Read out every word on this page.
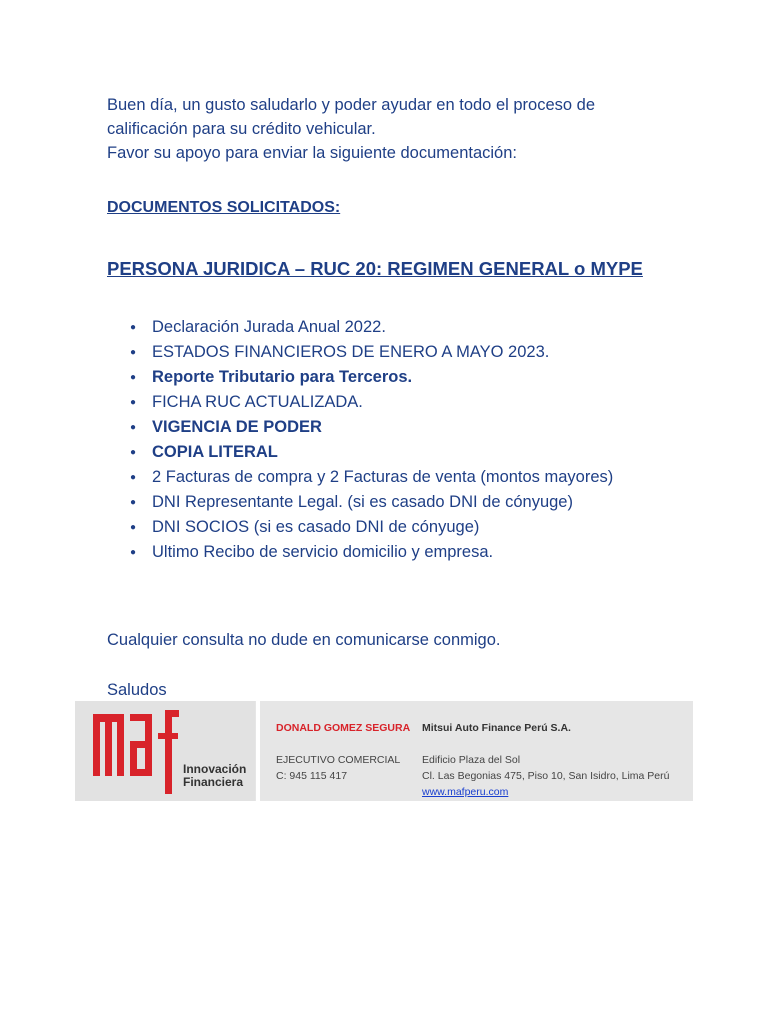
Buen día, un gusto saludarlo y poder ayudar en todo el proceso de
calificación para su crédito vehicular.
Favor su apoyo para enviar la siguiente documentación:
DOCUMENTOS SOLICITADOS:
PERSONA JURIDICA – RUC 20: REGIMEN GENERAL o MYPE
● Declaración Jurada Anual 2022.
● ESTADOS FINANCIEROS DE ENERO A MAYO 2023.
● Reporte Tributario para Terceros.
● FICHA RUC ACTUALIZADA.
● VIGENCIA DE PODER
● COPIA LITERAL
● 2 Facturas de compra y 2 Facturas de venta (montos mayores)
● DNI Representante Legal. (si es casado DNI de cónyuge)
● DNI SOCIOS (si es casado DNI de cónyuge)
● Ultimo Recibo de servicio domicilio y empresa.
Cualquier consulta no dude en comunicarse conmigo.
Saludos
Innovación
Financiera
DONALD GOMEZ SEGURA Mitsui Auto Finance Perú S.A.
EJECUTIVO COMERCIAL
C: 945 115 417
Edificio Plaza del Sol
Cl. Las Begonias 475, Piso 10, San Isidro, Lima Perú
www.mafperu.com
